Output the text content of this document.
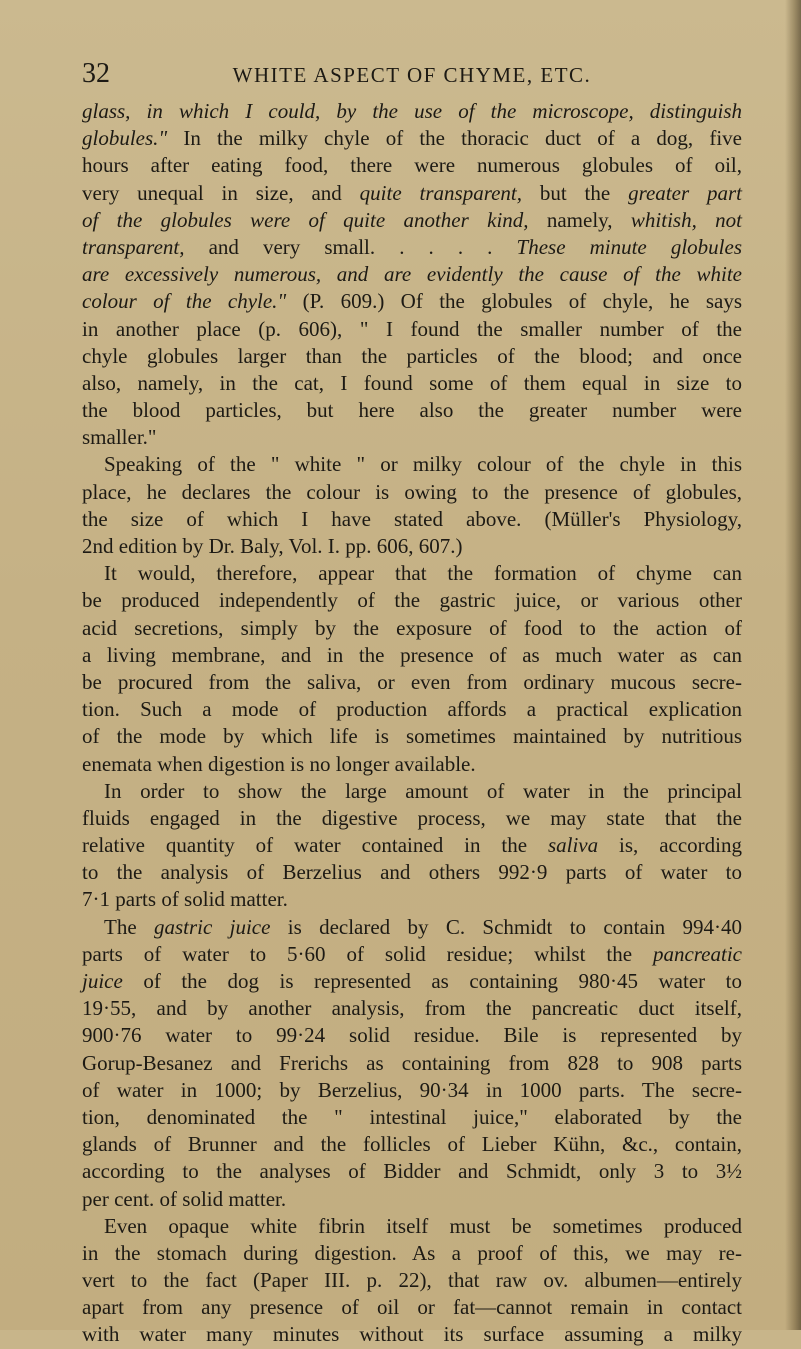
32	WHITE ASPECT OF CHYME, ETC.
glass, in which I could, by the use of the microscope, distinguish
globules." In the milky chyle of the thoracic duct of a dog, five
hours after eating food, there were numerous globules of oil,
very unequal in size, and quite transparent, but the greater part
of the globules were of quite another kind, namely, whitish, not
transparent, and very small. . . . . These minute globules
are excessively numerous, and are evidently the cause of the white
colour of the chyle." (P. 609.) Of the globules of chyle, he says
in another place (p. 606), " I found the smaller number of the
chyle globules larger than the particles of the blood; and once
also, namely, in the cat, I found some of them equal in size to
the blood particles, but here also the greater number were
smaller."
Speaking of the " white " or milky colour of the chyle in this
place, he declares the colour is owing to the presence of globules,
the size of which I have stated above. (Müller's Physiology,
2nd edition by Dr. Baly, Vol. I. pp. 606, 607.)
It would, therefore, appear that the formation of chyme can
be produced independently of the gastric juice, or various other
acid secretions, simply by the exposure of food to the action of
a living membrane, and in the presence of as much water as can
be procured from the saliva, or even from ordinary mucous secre-
tion. Such a mode of production affords a practical explication
of the mode by which life is sometimes maintained by nutritious
enemata when digestion is no longer available.
In order to show the large amount of water in the principal
fluids engaged in the digestive process, we may state that the
relative quantity of water contained in the saliva is, according
to the analysis of Berzelius and others 992·9 parts of water to
7·1 parts of solid matter.
The gastric juice is declared by C. Schmidt to contain 994·40
parts of water to 5·60 of solid residue; whilst the pancreatic
juice of the dog is represented as containing 980·45 water to
19·55, and by another analysis, from the pancreatic duct itself,
900·76 water to 99·24 solid residue. Bile is represented by
Gorup-Besanez and Frerichs as containing from 828 to 908 parts
of water in 1000; by Berzelius, 90·34 in 1000 parts. The secre-
tion, denominated the " intestinal juice," elaborated by the
glands of Brunner and the follicles of Lieber Kühn, &c., contain,
according to the analyses of Bidder and Schmidt, only 3 to 3½
per cent. of solid matter.
Even opaque white fibrin itself must be sometimes produced
in the stomach during digestion. As a proof of this, we may re-
vert to the fact (Paper III. p. 22), that raw ov. albumen—entirely
apart from any presence of oil or fat—cannot remain in contact
with water many minutes without its surface assuming a milky
